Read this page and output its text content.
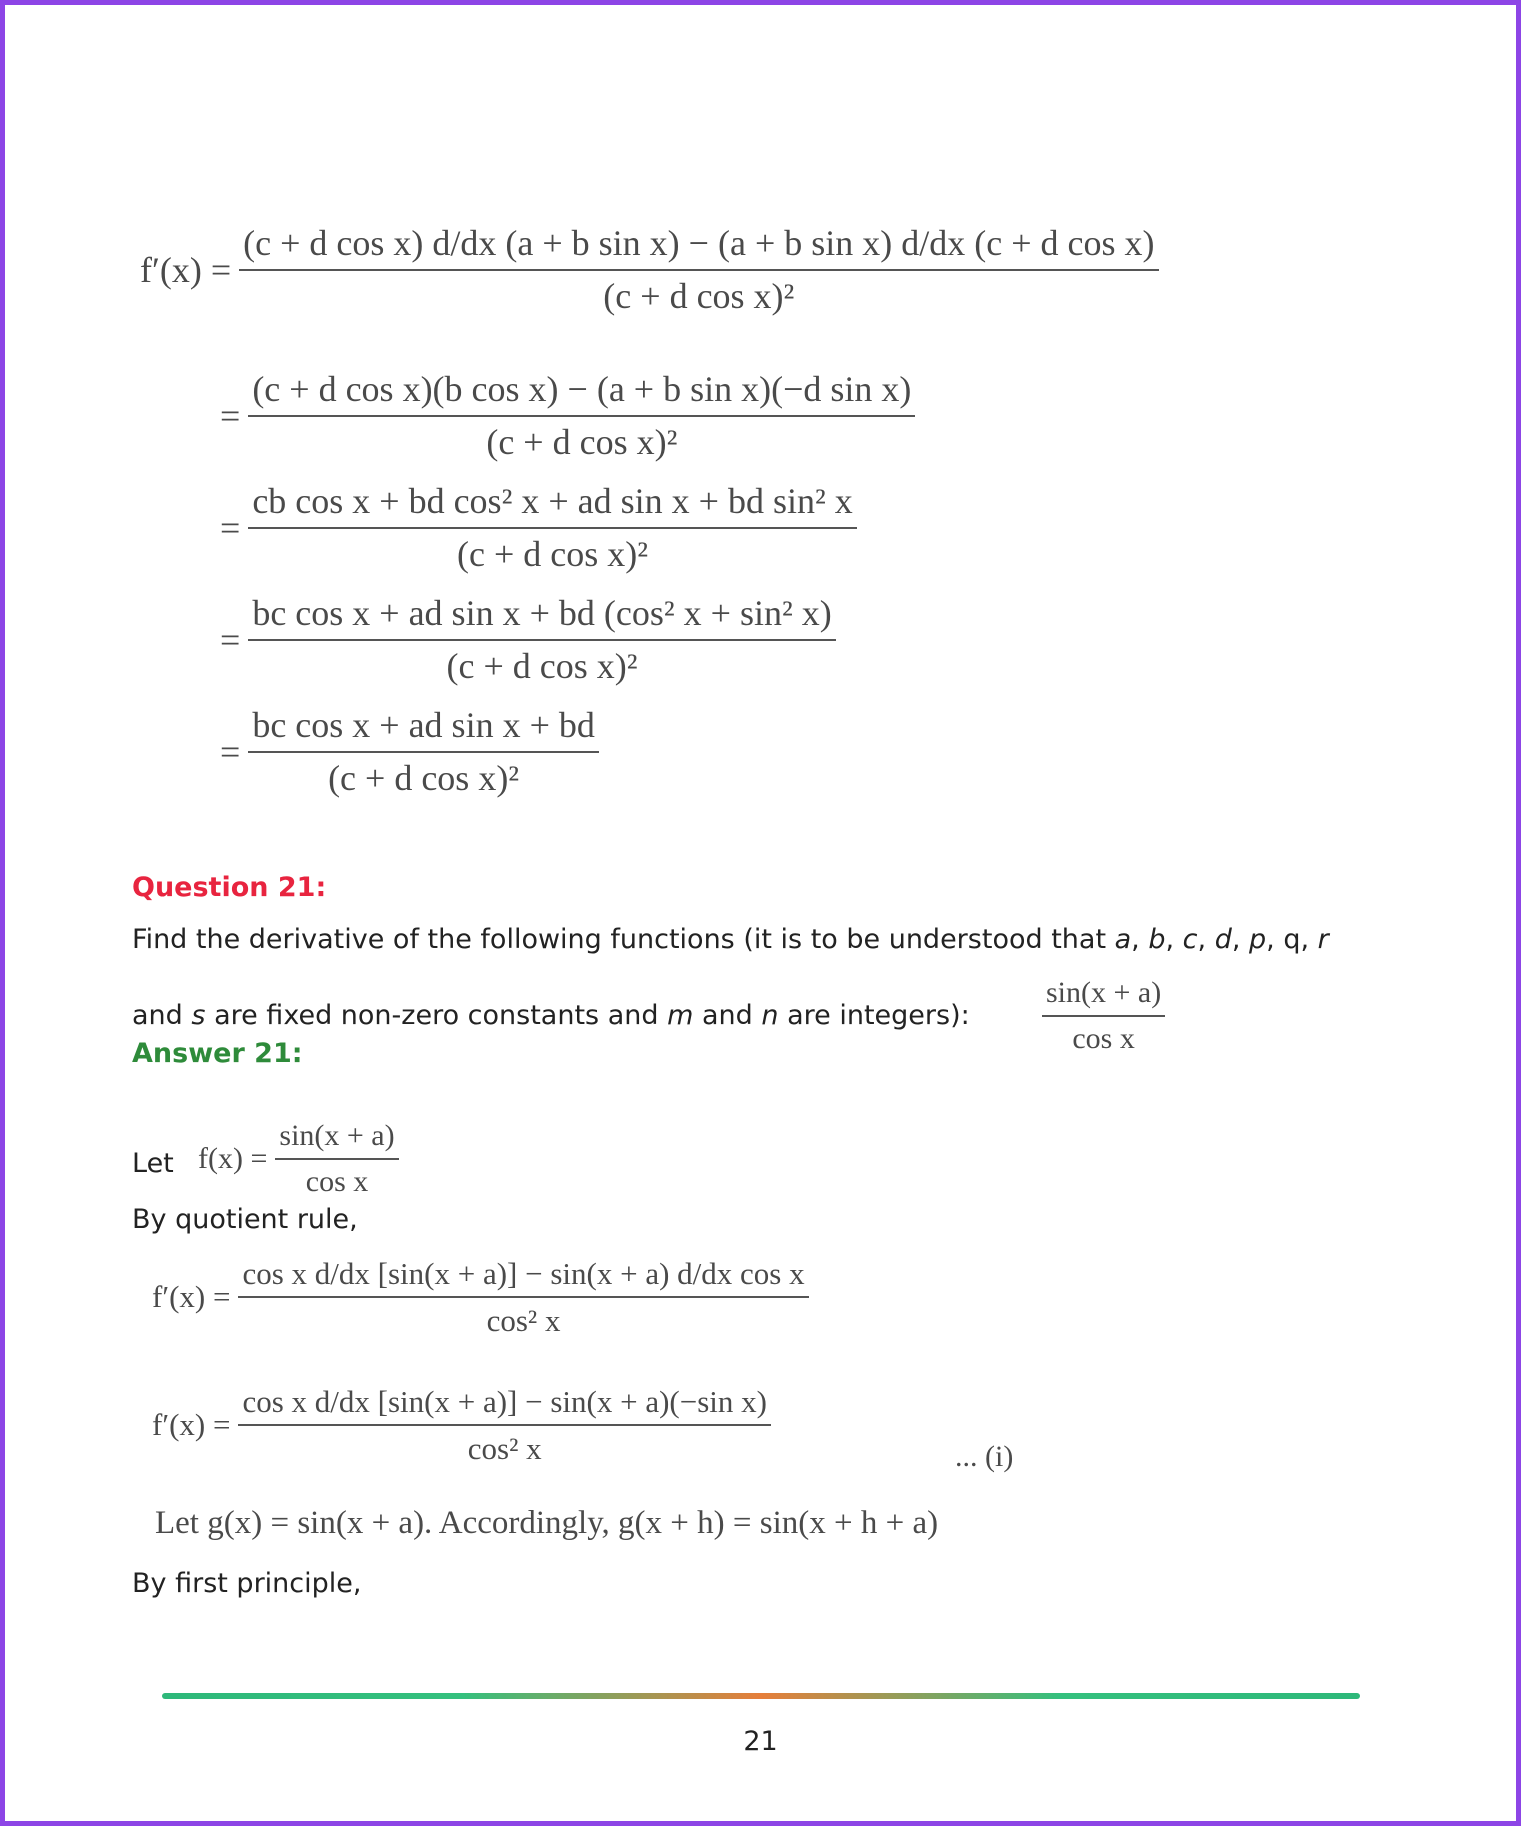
f′(x) =
(c + d cos x) d/dx (a + b sin x) − (a + b sin x) d/dx (c + d cos x)
(c + d cos x)²
= $\frac{\text{(c + d cos x)(b cos x) − (a + b sin x)(−d sin x)}}{\text{(c + d cos x)²}}$
= $\frac{\text{cb cos x + bd cos² x + ad sin x + bd sin² x}}{\text{(c + d cos x)²}}$
= $\frac{\text{bc cos x + ad sin x + bd (cos² x + sin² x)}}{\text{(c + d cos x)²}}$
= $\frac{\text{bc cos x + ad sin x + bd}}{\text{(c + d cos x)²}}$
Question 21:
Find the derivative of the following functions (it is to be understood that a, b, c, d, p, q, r
and s are fixed non-zero constants and m and n are integers): $\frac{\sin(x + a)}{\text{cos x}}$
Answer 21:
Let $f(x) = \frac{\sin(x + a)}{\text{cos x}}$
By quotient rule,
$f'(x) = \frac{\text{cos x d/dx [sin(x + a)] − sin(x + a) d/dx cos x}}{\text{cos² x}}$
$f'(x) = \frac{\text{cos x d/dx [sin(x + a)] − sin(x + a)(−sin x)}}{\text{cos² x}}$	... (i)
Let g(x) = sin(x + a). Accordingly, g(x + h) = sin(x + h + a)
By first principle,
21
